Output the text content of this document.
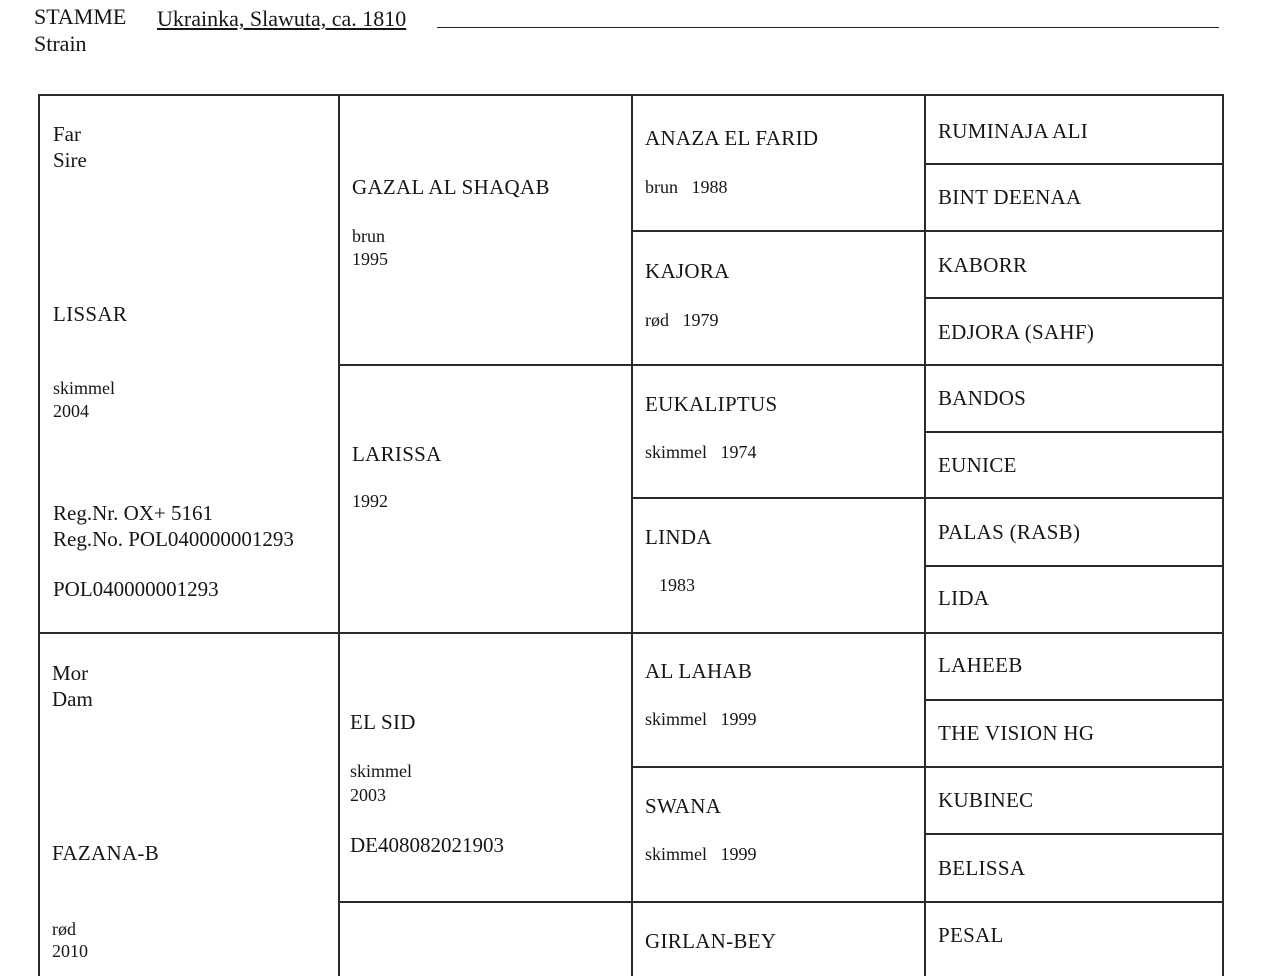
STAMME
Strain
Ukrainka, Slawuta, ca. 1810
Far
Sire
LISSAR
skimmel
2004
Reg.Nr. OX+ 5161
Reg.No. POL040000001293
POL040000001293
Mor
Dam
FAZANA-B
rød
2010
GAZAL AL SHAQAB
brun
1995
LARISSA
1992
EL SID
skimmel
2003
DE408082021903
ANAZA EL FARID
brun   1988
KAJORA
rød   1979
EUKALIPTUS
skimmel   1974
LINDA
1983
AL LAHAB
skimmel   1999
SWANA
skimmel   1999
GIRLAN-BEY
RUMINAJA ALI
BINT DEENAA
KABORR
EDJORA (SAHF)
BANDOS
EUNICE
PALAS (RASB)
LIDA
LAHEEB
THE VISION HG
KUBINEC
BELISSA
PESAL
